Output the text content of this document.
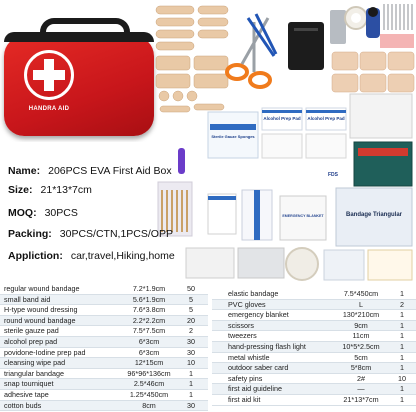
HANDRA AID
Sterile Gauze Sponges
Alcohol Prep Pad	Alcohol Prep Pad
Bandage Triangular
EMERGENCY BLANKET
FDS
Name: 206PCS EVA First Aid Box
Size: 21*13*7cm
MOQ: 30PCS
Packing: 30PCS/CTN,1PCS/OPP
Appliction: car,travel,Hiking,home
regular wound bandage	7.2*1.9cm	50
small band aid	5.6*1.9cm	5
H-type wound dressing	7.6*3.8cm	5
round wound bandage	2.2*2.2cm	20
sterile gauze pad	7.5*7.5cm	2
alcohol prep pad	6*3cm	30
povidone-Iodine prep pad	6*3cm	30
cleansing wipe pad	12*15cm	10
triangular bandage	96*96*136cm	1
snap tourniquet	2.5*46cm	1
adhesive tape	1.25*450cm	1
cotton buds	8cm	30
elastic bandage	7.5*450cm	1
PVC gloves	L	2
emergency blanket	130*210cm	1
scissors	9cm	1
tweezers	11cm	1
hand-pressing flash light	10*5*2.5cm	1
metal whistle	5cm	1
outdoor saber card	5*8cm	1
safety pins	2#	10
first aid guideline	—	1
first aid kit	21*13*7cm	1
